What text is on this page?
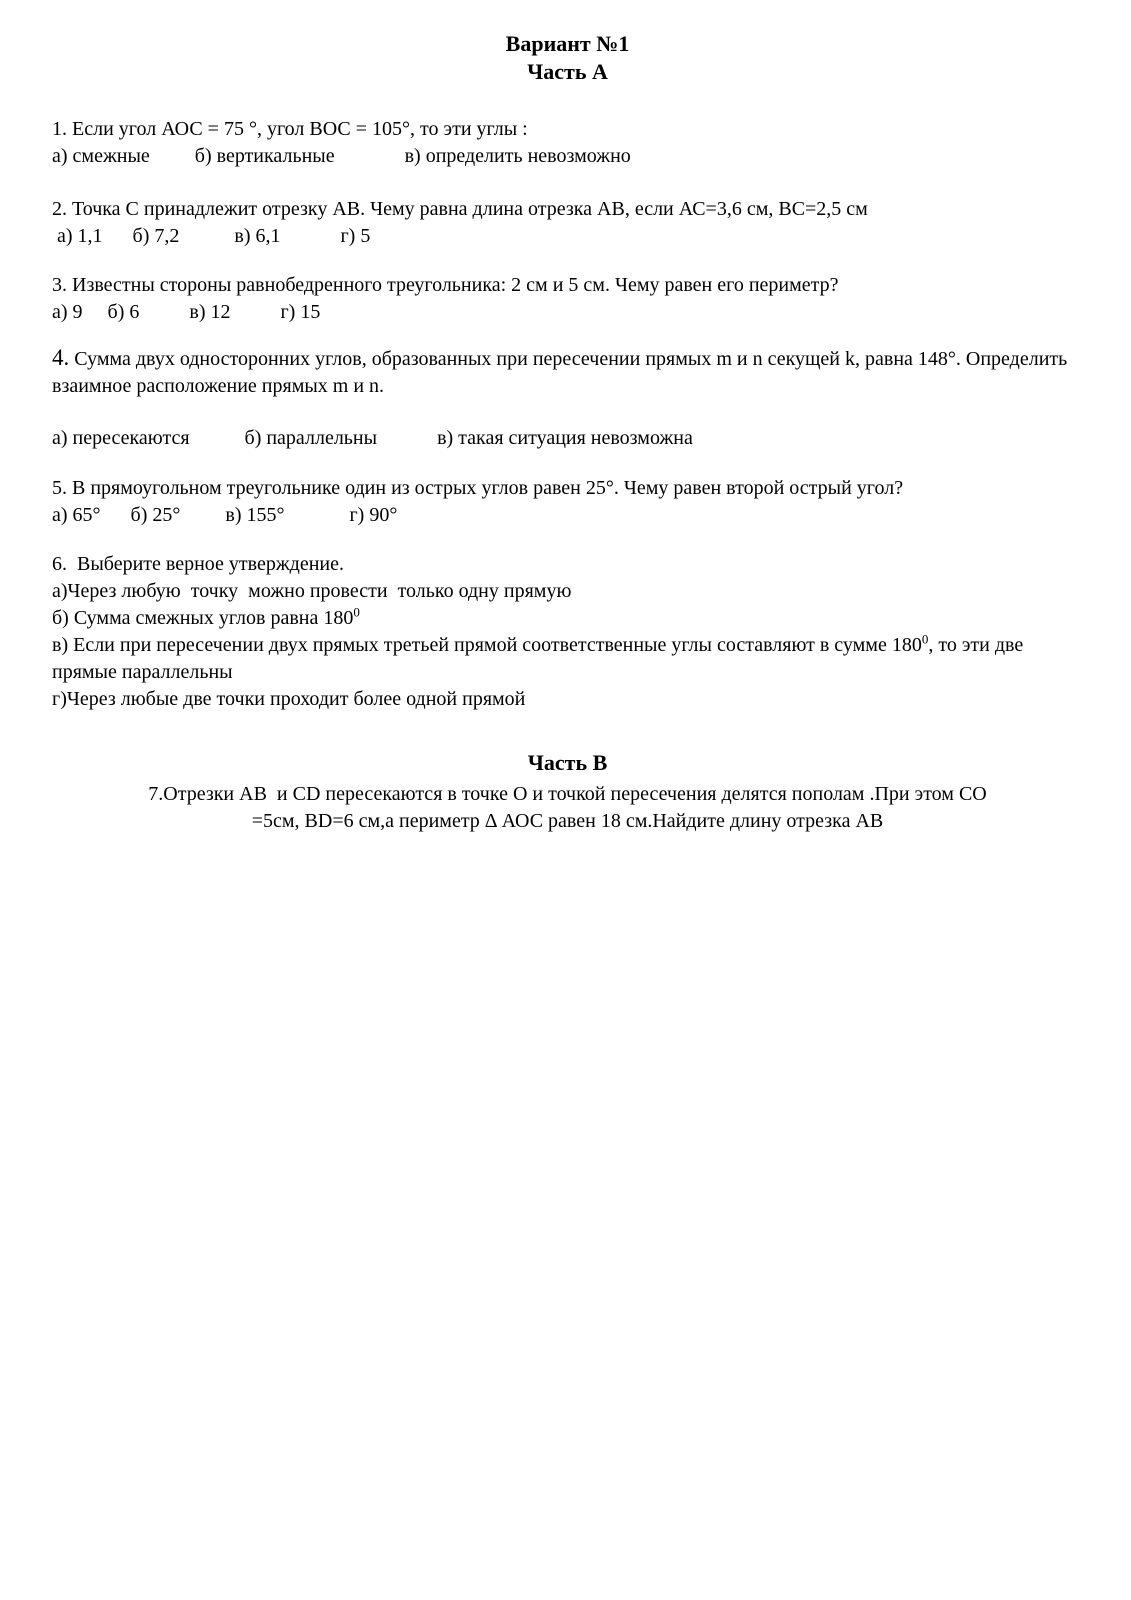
Вариант №1
Часть А

1. Если угол АОС = 75 °, угол ВОС = 105°, то эти углы :

а) смежные         б) вертикальные              в) определить невозможно

2. Точка С принадлежит отрезку АВ. Чему равна длина отрезка АВ, если АС=3,6 см, ВС=2,5 см

а) 1,1      б) 7,2           в) 6,1            г) 5

3. Известны стороны равнобедренного треугольника: 2 см и 5 см. Чему равен его периметр?

а) 9     б) 6          в) 12          г) 15

4. Сумма двух односторонних углов, образованных при пересечении прямых m и n секущей k, равна 148°. Определить взаимное расположение прямых m и n.

а) пересекаются           б) параллельны            в) такая ситуация невозможна

5. В прямоугольном треугольнике один из острых углов равен 25°. Чему равен второй острый угол?

а) 65°      б) 25°         в) 155°             г) 90°

6.  Выберите верное утверждение.

а)Через любую  точку  можно провести  только одну прямую

б) Сумма смежных углов равна $180^0$

в) Если при пересечении двух прямых третьей прямой соответственные углы составляют в сумме $180^0$, то эти две прямые параллельны

г)Через любые две точки проходит более одной прямой

Часть В

7.Отрезки АВ  и CD пересекаются в точке О и точкой пересечения делятся пополам .При этом СО

=5см, BD=6 см,а периметр Δ АОС равен 18 см.Найдите длину отрезка АВ
